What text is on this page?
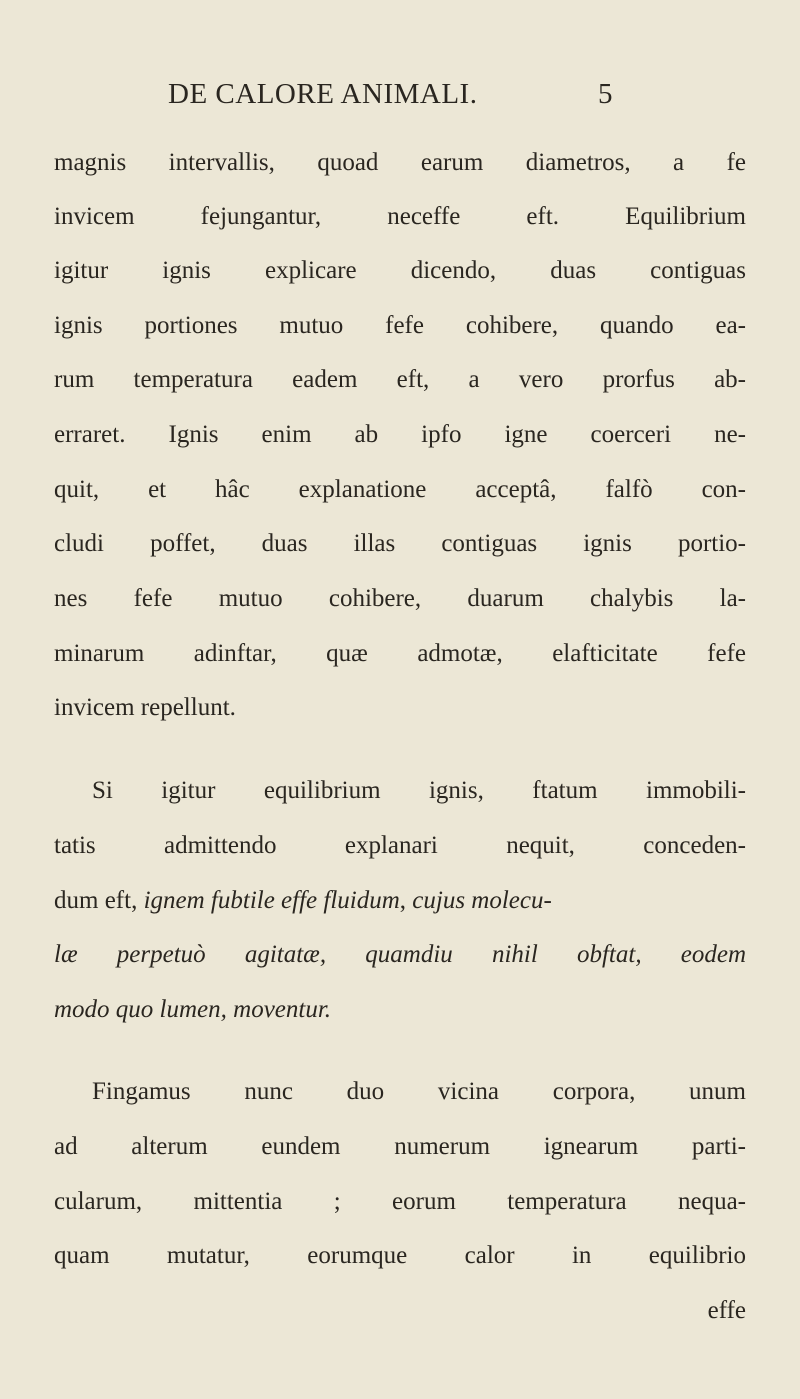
DE CALORE ANIMALI.	5
magnis intervallis, quoad earum diametros, a fe
invicem fejungantur, neceffe eft. Equilibrium
igitur ignis explicare dicendo, duas contiguas
ignis portiones mutuo fefe cohibere, quando ea-
rum temperatura eadem eft, a vero prorfus ab-
erraret. Ignis enim ab ipfo igne coerceri ne-
quit, et hâc explanatione acceptâ, falfò con-
cludi poffet, duas illas contiguas ignis portio-
nes fefe mutuo cohibere, duarum chalybis la-
minarum adinftar, quæ admotæ, elafticitate fefe
invicem repellunt.
Si igitur equilibrium ignis, ftatum immobili-
tatis admittendo explanari nequit, conceden-
dum eft, ignem fubtile effe fluidum, cujus molecu-
læ perpetuò agitatæ, quamdiu nihil obftat, eodem
modo quo lumen, moventur.
Fingamus nunc duo vicina corpora, unum
ad alterum eundem numerum ignearum parti-
cularum, mittentia ; eorum temperatura nequa-
quam mutatur, eorumque calor in equilibrio
effe
